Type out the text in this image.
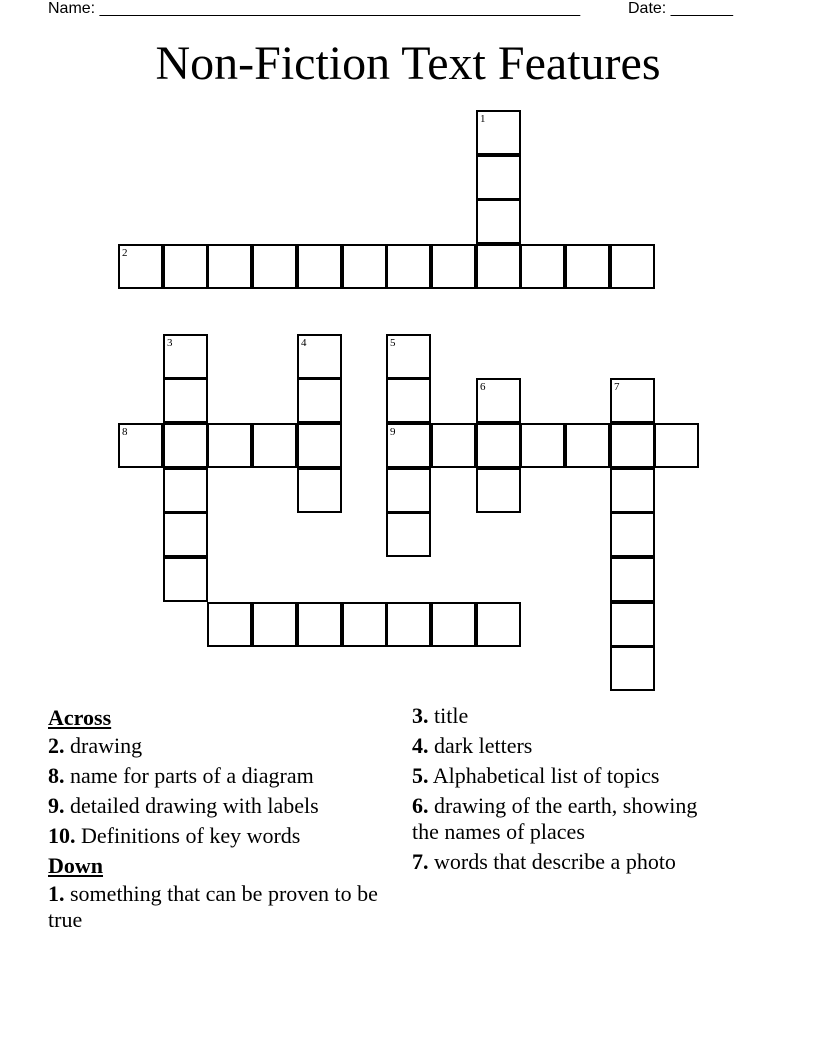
Name: ______________________________________________________	Date: _______
Non-Fiction Text Features
1
2
3	4	5
6	7
8	9
Across
2. drawing
8. name for parts of a diagram
9. detailed drawing with labels
10. Definitions of key words
Down
1. something that can be proven to be true
3. title
4. dark letters
5. Alphabetical list of topics
6. drawing of the earth, showing the names of places
7. words that describe a photo
